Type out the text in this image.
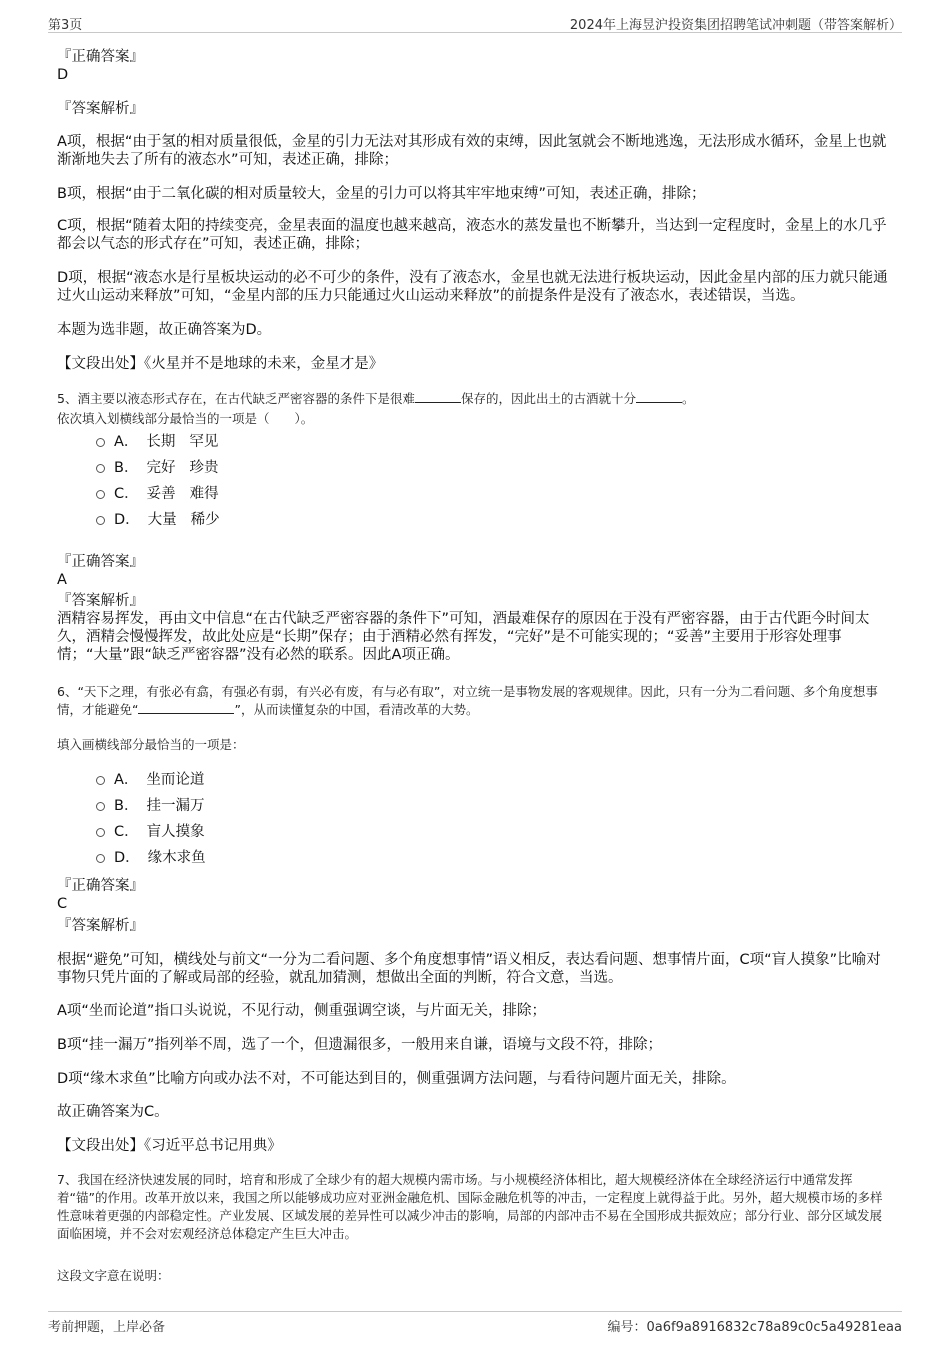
第3页	2024年上海昱沪投资集团招聘笔试冲刺题（带答案解析）
『正确答案』
D
『答案解析』
A项，根据“由于氢的相对质量很低，金星的引力无法对其形成有效的束缚，因此氢就会不断地逃逸，无法形成水循环，金星上也就渐渐地失去了所有的液态水”可知，表述正确，排除；
B项，根据“由于二氧化碳的相对质量较大，金星的引力可以将其牢牢地束缚”可知，表述正确，排除；
C项，根据“随着太阳的持续变亮，金星表面的温度也越来越高，液态水的蒸发量也不断攀升，当达到一定程度时，金星上的水几乎都会以气态的形式存在”可知，表述正确，排除；
D项，根据“液态水是行星板块运动的必不可少的条件，没有了液态水，金星也就无法进行板块运动，因此金星内部的压力就只能通过火山运动来释放”可知，“金星内部的压力只能通过火山运动来释放”的前提条件是没有了液态水，表述错误，当选。
本题为选非题，故正确答案为D。
【文段出处】《火星并不是地球的未来，金星才是》
5、酒主要以液态形式存在，在古代缺乏严密容器的条件下是很难	保存的，因此出土的古酒就十分	。
依次填入划横线部分最恰当的一项是（　　）。
A． 长期 罕见
B． 完好 珍贵
C． 妥善 难得
D． 大量 稀少
『正确答案』
A
『答案解析』
酒精容易挥发，再由文中信息“在古代缺乏严密容器的条件下”可知，酒最难保存的原因在于没有严密容器，由于古代距今时间太久，酒精会慢慢挥发，故此处应是“长期”保存；由于酒精必然有挥发，“完好”是不可能实现的；“妥善”主要用于形容处理事情；“大量”跟“缺乏严密容器”没有必然的联系。因此A项正确。
6、“天下之理，有张必有翕，有强必有弱，有兴必有废，有与必有取”，对立统一是事物发展的客观规律。因此，只有一分为二看问题、多个角度想事情，才能避免“	”，从而读懂复杂的中国，看清改革的大势。
填入画横线部分最恰当的一项是：
A． 坐而论道
B． 挂一漏万
C． 盲人摸象
D． 缘木求鱼
『正确答案』
C
『答案解析』
根据“避免”可知，横线处与前文“一分为二看问题、多个角度想事情”语义相反，表达看问题、想事情片面，C项“盲人摸象”比喻对事物只凭片面的了解或局部的经验，就乱加猜测，想做出全面的判断，符合文意，当选。
A项“坐而论道”指口头说说，不见行动，侧重强调空谈，与片面无关，排除；
B项“挂一漏万”指列举不周，选了一个，但遗漏很多，一般用来自谦，语境与文段不符，排除；
D项“缘木求鱼”比喻方向或办法不对，不可能达到目的，侧重强调方法问题，与看待问题片面无关，排除。
故正确答案为C。
【文段出处】《习近平总书记用典》
7、我国在经济快速发展的同时，培育和形成了全球少有的超大规模内需市场。与小规模经济体相比，超大规模经济体在全球经济运行中通常发挥着“锚”的作用。改革开放以来，我国之所以能够成功应对亚洲金融危机、国际金融危机等的冲击，一定程度上就得益于此。另外，超大规模市场的多样性意味着更强的内部稳定性。产业发展、区域发展的差异性可以减少冲击的影响，局部的内部冲击不易在全国形成共振效应；部分行业、部分区域发展面临困境，并不会对宏观经济总体稳定产生巨大冲击。
这段文字意在说明：
考前押题，上岸必备	编号：0a6f9a8916832c78a89c0c5a49281eaa
